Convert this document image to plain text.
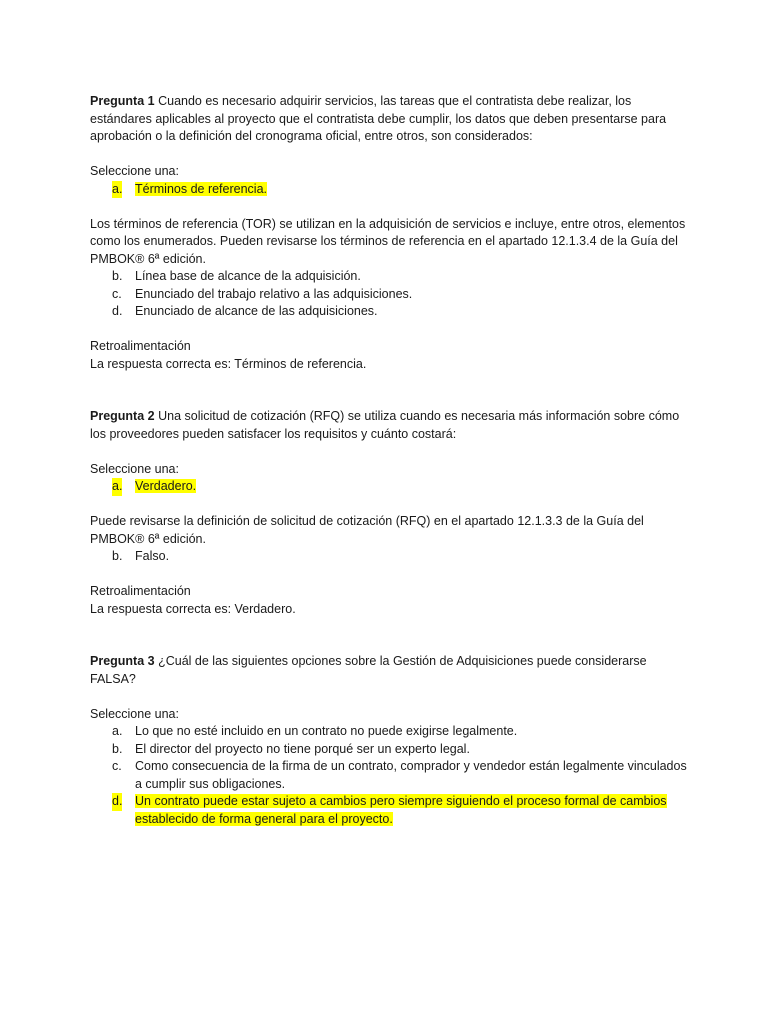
Pregunta 1 Cuando es necesario adquirir servicios, las tareas que el contratista debe realizar, los estándares aplicables al proyecto que el contratista debe cumplir, los datos que deben presentarse para aprobación o la definición del cronograma oficial, entre otros, son considerados:

Seleccione una:

a. Términos de referencia.

Los términos de referencia (TOR) se utilizan en la adquisición de servicios e incluye, entre otros, elementos como los enumerados. Pueden revisarse los términos de referencia en el apartado 12.1.3.4 de la Guía del PMBOK® 6ª edición.

b. Línea base de alcance de la adquisición.
c. Enunciado del trabajo relativo a las adquisiciones.
d. Enunciado de alcance de las adquisiciones.

Retroalimentación

La respuesta correcta es: Términos de referencia.

Pregunta 2 Una solicitud de cotización (RFQ) se utiliza cuando es necesaria más información sobre cómo los proveedores pueden satisfacer los requisitos y cuánto costará:

Seleccione una:

a. Verdadero.

Puede revisarse la definición de solicitud de cotización (RFQ) en el apartado 12.1.3.3 de la Guía del PMBOK® 6ª edición.

b. Falso.

Retroalimentación

La respuesta correcta es: Verdadero.

Pregunta 3 ¿Cuál de las siguientes opciones sobre la Gestión de Adquisiciones puede considerarse FALSA?

Seleccione una:

a. Lo que no esté incluido en un contrato no puede exigirse legalmente.
b. El director del proyecto no tiene porqué ser un experto legal.
c. Como consecuencia de la firma de un contrato, comprador y vendedor están legalmente vinculados a cumplir sus obligaciones.
d. Un contrato puede estar sujeto a cambios pero siempre siguiendo el proceso formal de cambios establecido de forma general para el proyecto.
